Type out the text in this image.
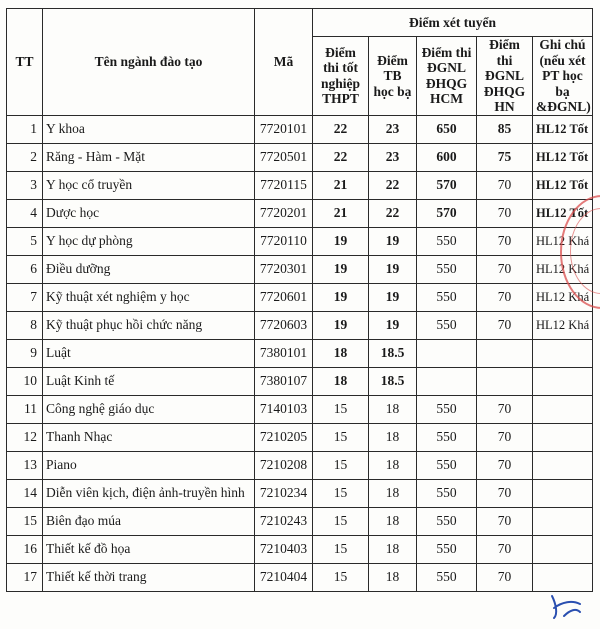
TT	Tên ngành đào tạo	Mã	Điểm xét tuyển				
			Điểm thi tốt nghiệp THPT	Điểm TB học bạ	Điểm thi ĐGNL ĐHQG HCM	Điểm thi ĐGNL ĐHQG HN	Ghi chú (nếu xét PT học bạ &ĐGNL)
1	Y khoa	7720101	22	23	650	85	HL12 Tốt
2	Răng - Hàm - Mặt	7720501	22	23	600	75	HL12 Tốt
3	Y học cổ truyền	7720115	21	22	570	70	HL12 Tốt
4	Dược học	7720201	21	22	570	70	HL12 Tốt
5	Y học dự phòng	7720110	19	19	550	70	HL12 Khá
6	Điều dưỡng	7720301	19	19	550	70	HL12 Khá
7	Kỹ thuật xét nghiệm y học	7720601	19	19	550	70	HL12 Khá
8	Kỹ thuật phục hồi chức năng	7720603	19	19	550	70	HL12 Khá
9	Luật	7380101	18	18.5			
10	Luật Kinh tế	7380107	18	18.5			
11	Công nghệ giáo dục	7140103	15	18	550	70	
12	Thanh Nhạc	7210205	15	18	550	70	
13	Piano	7210208	15	18	550	70	
14	Diễn viên kịch, điện ảnh-truyền hình	7210234	15	18	550	70	
15	Biên đạo múa	7210243	15	18	550	70	
16	Thiết kế đồ họa	7210403	15	18	550	70	
17	Thiết kế thời trang	7210404	15	18	550	70	
